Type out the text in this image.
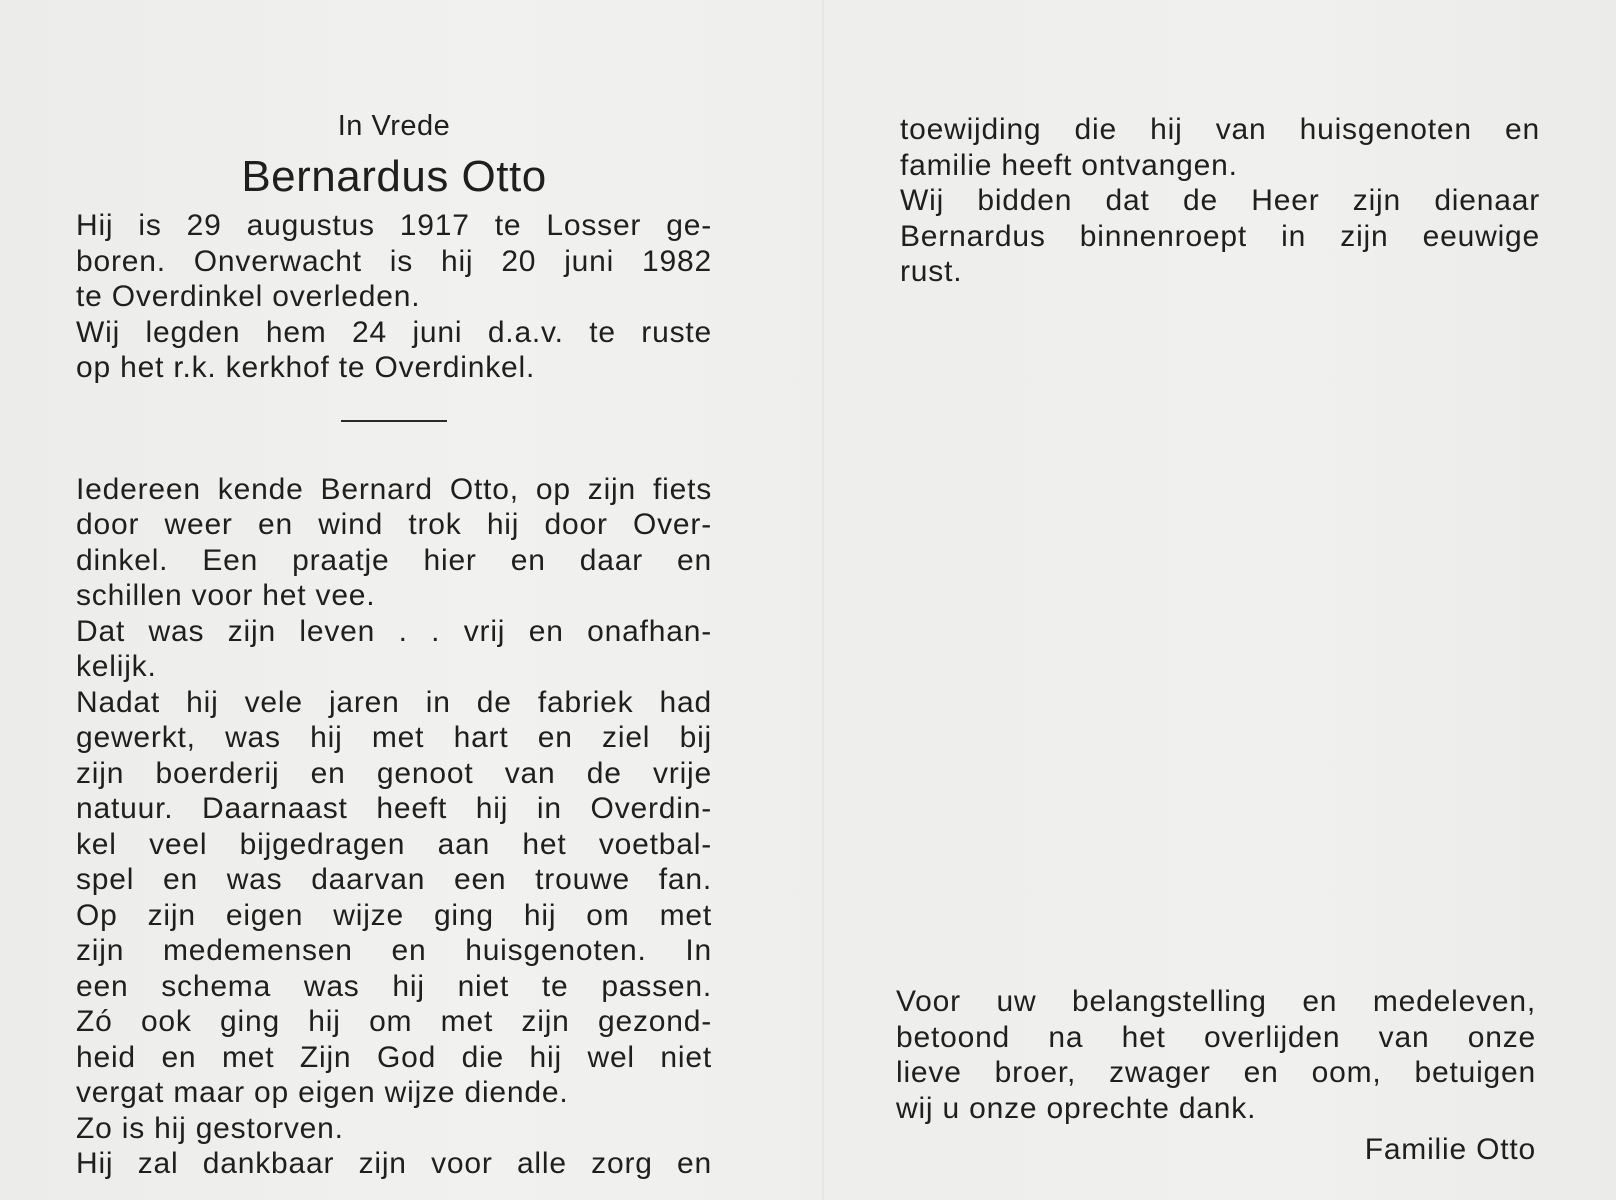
In Vrede

Bernardus Otto
Hij is 29 augustus 1917 te Losser ge-
boren. Onverwacht is hij 20 juni 1982
te Overdinkel overleden.
Wij legden hem 24 juni d.a.v. te ruste
op het r.k. kerkhof te Overdinkel.
Iedereen kende Bernard Otto, op zijn fiets
door weer en wind trok hij door Over-
dinkel. Een praatje hier en daar en
schillen voor het vee.
Dat was zijn leven . . vrij en onafhan-
kelijk.
Nadat hij vele jaren in de fabriek had
gewerkt, was hij met hart en ziel bij
zijn boerderij en genoot van de vrije
natuur. Daarnaast heeft hij in Overdin-
kel veel bijgedragen aan het voetbal-
spel en was daarvan een trouwe fan.
Op zijn eigen wijze ging hij om met
zijn medemensen en huisgenoten. In
een schema was hij niet te passen.
Zó ook ging hij om met zijn gezond-
heid en met Zijn God die hij wel niet
vergat maar op eigen wijze diende.
Zo is hij gestorven.
Hij zal dankbaar zijn voor alle zorg en
toewijding die hij van huisgenoten en
familie heeft ontvangen.
Wij bidden dat de Heer zijn dienaar
Bernardus binnenroept in zijn eeuwige
rust.
Voor uw belangstelling en medeleven,
betoond na het overlijden van onze
lieve broer, zwager en oom, betuigen
wij u onze oprechte dank.
Familie Otto
